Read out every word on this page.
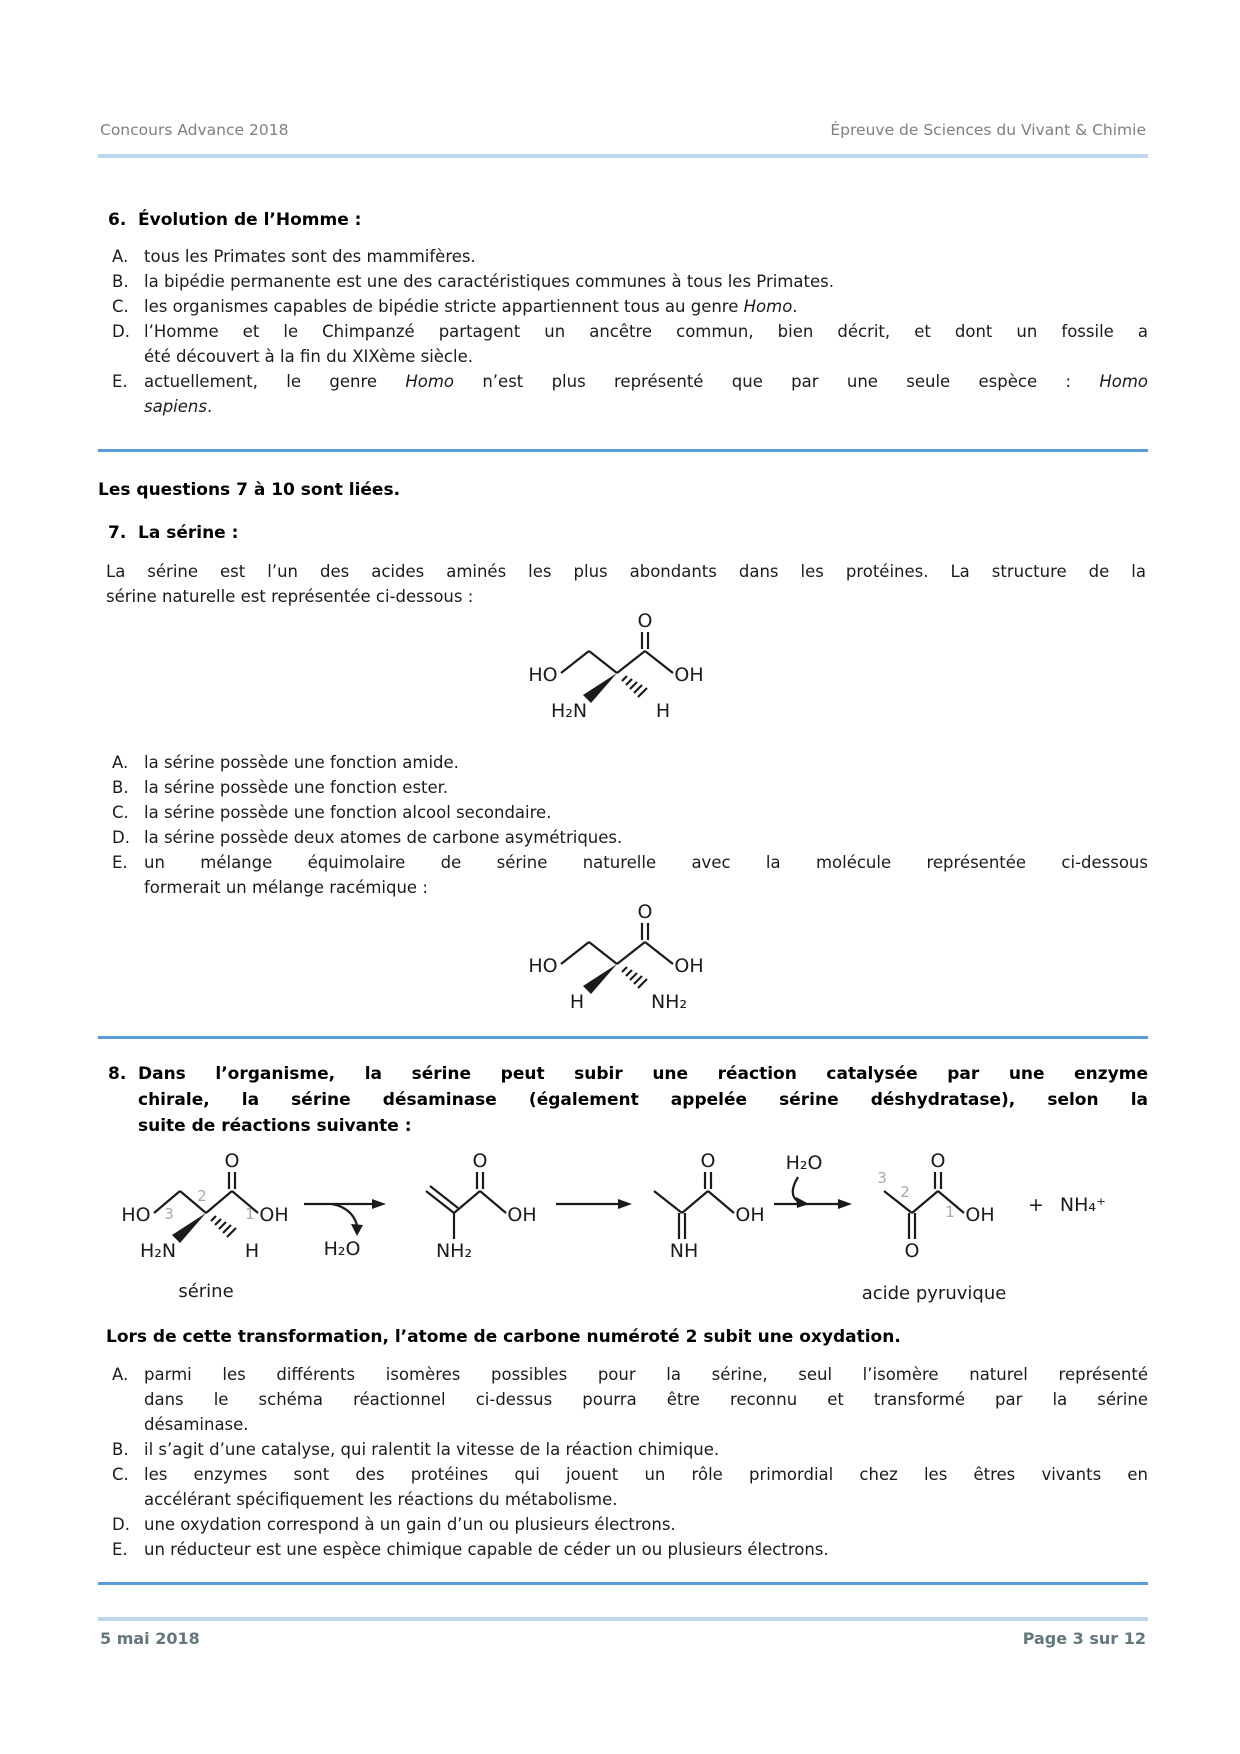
Concours Advance 2018	Épreuve de Sciences du Vivant & Chimie
6. Évolution de l’Homme :
A. tous les Primates sont des mammifères.
B. la bipédie permanente est une des caractéristiques communes à tous les Primates.
C. les organismes capables de bipédie stricte appartiennent tous au genre Homo.
D. l’Homme et le Chimpanzé partagent un ancêtre commun, bien décrit, et dont un fossile a
été découvert à la fin du XIXème siècle.
E. actuellement, le genre Homo n’est plus représenté que par une seule espèce : Homo
sapiens.
Les questions 7 à 10 sont liées.
7. La sérine :
La sérine est l’un des acides aminés les plus abondants dans les protéines. La structure de la
sérine naturelle est représentée ci-dessous :
HO
O
OH
H₂N	H
A. la sérine possède une fonction amide.
B. la sérine possède une fonction ester.
C. la sérine possède une fonction alcool secondaire.
D. la sérine possède deux atomes de carbone asymétriques.
E. un mélange équimolaire de sérine naturelle avec la molécule représentée ci-dessous
formerait un mélange racémique :
HO
O
OH
H	NH₂
8. Dans l’organisme, la sérine peut subir une réaction catalysée par une enzyme
chirale, la sérine désaminase (également appelée sérine déshydratase), selon la
suite de réactions suivante :
HO 3
2
O
1 OH
H₂N	H
sérine
H₂O	NH₂
O
OH
NH
O
OH
H₂O
3
2
O
O
1 OH
acide pyruvique
+ NH₄⁺
Lors de cette transformation, l’atome de carbone numéroté 2 subit une oxydation.
A. parmi les différents isomères possibles pour la sérine, seul l’isomère naturel représenté
dans le schéma réactionnel ci-dessus pourra être reconnu et transformé par la sérine
désaminase.
B. il s’agit d’une catalyse, qui ralentit la vitesse de la réaction chimique.
C. les enzymes sont des protéines qui jouent un rôle primordial chez les êtres vivants en
accélérant spécifiquement les réactions du métabolisme.
D. une oxydation correspond à un gain d’un ou plusieurs électrons.
E. un réducteur est une espèce chimique capable de céder un ou plusieurs électrons.
5 mai 2018	Page 3 sur 12
